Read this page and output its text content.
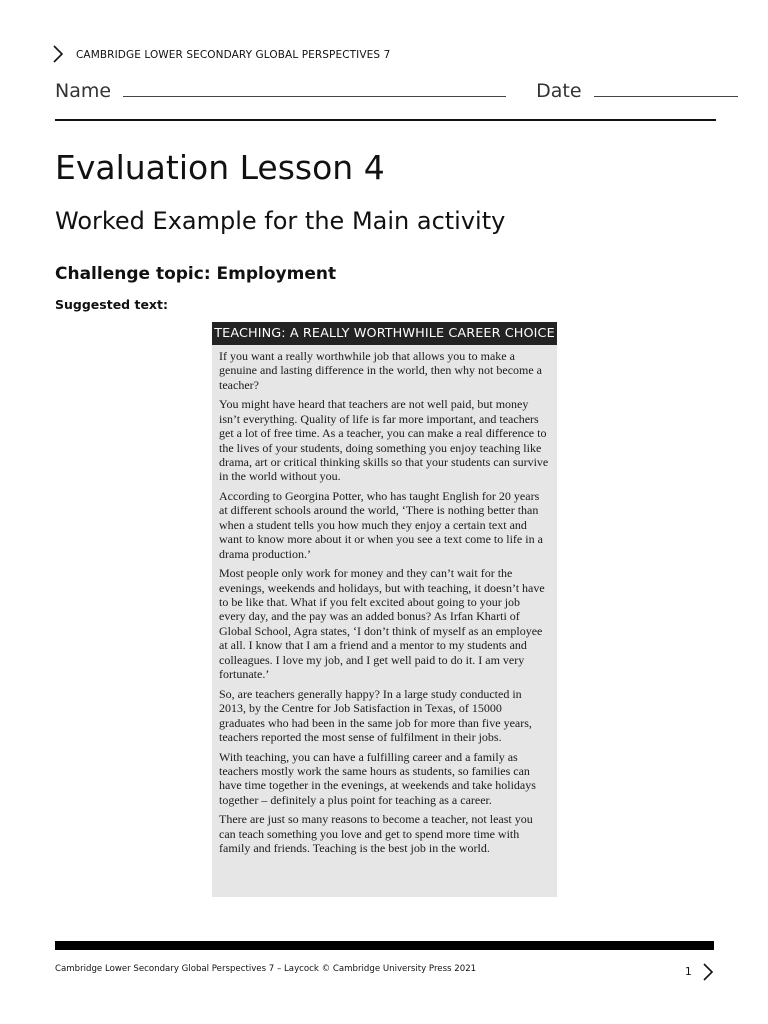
CAMBRIDGE LOWER SECONDARY GLOBAL PERSPECTIVES 7
Name	Date
Evaluation Lesson 4
Worked Example for the Main activity
Challenge topic: Employment
Suggested text:
TEACHING: A REALLY WORTHWHILE CAREER CHOICE

If you want a really worthwhile job that allows you to make a genuine and lasting difference in the world, then why not become a teacher?

You might have heard that teachers are not well paid, but money isn’t everything. Quality of life is far more important, and teachers get a lot of free time. As a teacher, you can make a real difference to the lives of your students, doing something you enjoy teaching like drama, art or critical thinking skills so that your students can survive in the world without you.

According to Georgina Potter, who has taught English for 20 years at different schools around the world, ‘There is nothing better than when a student tells you how much they enjoy a certain text and want to know more about it or when you see a text come to life in a drama production.’

Most people only work for money and they can’t wait for the evenings, weekends and holidays, but with teaching, it doesn’t have to be like that. What if you felt excited about going to your job every day, and the pay was an added bonus? As Irfan Kharti of Global School, Agra states, ‘I don’t think of myself as an employee at all. I know that I am a friend and a mentor to my students and colleagues. I love my job, and I get well paid to do it. I am very fortunate.’

So, are teachers generally happy? In a large study conducted in 2013, by the Centre for Job Satisfaction in Texas, of 15000 graduates who had been in the same job for more than five years, teachers reported the most sense of fulfilment in their jobs.

With teaching, you can have a fulfilling career and a family as teachers mostly work the same hours as students, so families can have time together in the evenings, at weekends and take holidays together – definitely a plus point for teaching as a career.

There are just so many reasons to become a teacher, not least you can teach something you love and get to spend more time with family and friends. Teaching is the best job in the world.

Cambridge Lower Secondary Global Perspectives 7 – Laycock © Cambridge University Press 2021	1
